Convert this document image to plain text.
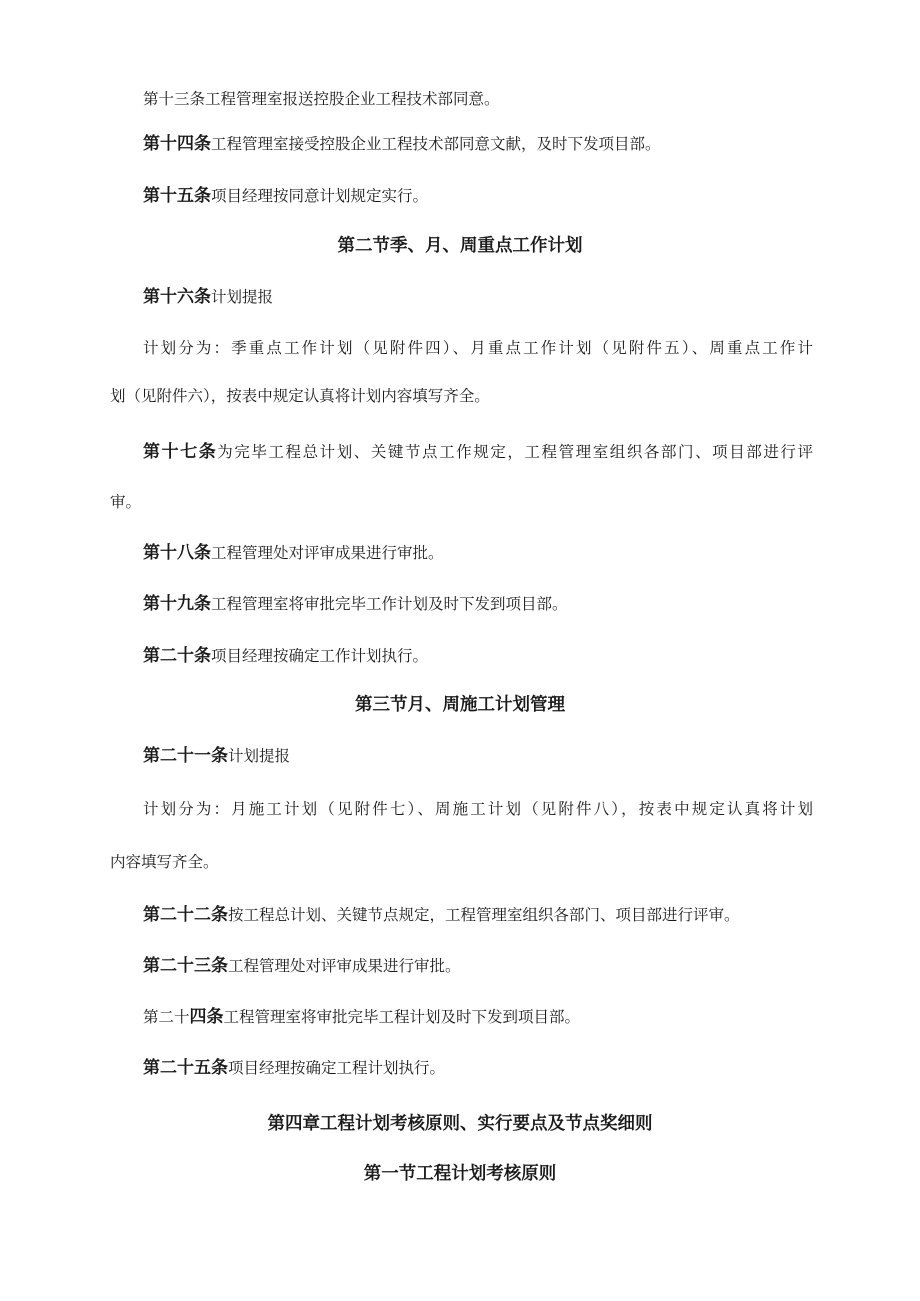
第十三条工程管理室报送控股企业工程技术部同意。
第十四条工程管理室接受控股企业工程技术部同意文献，及时下发项目部。
第十五条项目经理按同意计划规定实行。
第二节季、月、周重点工作计划
第十六条计划提报
计划分为：季重点工作计划（见附件四）、月重点工作计划（见附件五）、周重点工作计
划（见附件六），按表中规定认真将计划内容填写齐全。
第十七条为完毕工程总计划、关键节点工作规定，工程管理室组织各部门、项目部进行评
审。
第十八条工程管理处对评审成果进行审批。
第十九条工程管理室将审批完毕工作计划及时下发到项目部。
第二十条项目经理按确定工作计划执行。
第三节月、周施工计划管理
第二十一条计划提报
计划分为：月施工计划（见附件七）、周施工计划（见附件八），按表中规定认真将计划
内容填写齐全。
第二十二条按工程总计划、关键节点规定，工程管理室组织各部门、项目部进行评审。
第二十三条工程管理处对评审成果进行审批。
第二十四条工程管理室将审批完毕工程计划及时下发到项目部。
第二十五条项目经理按确定工程计划执行。
第四章工程计划考核原则、实行要点及节点奖细则
第一节工程计划考核原则
